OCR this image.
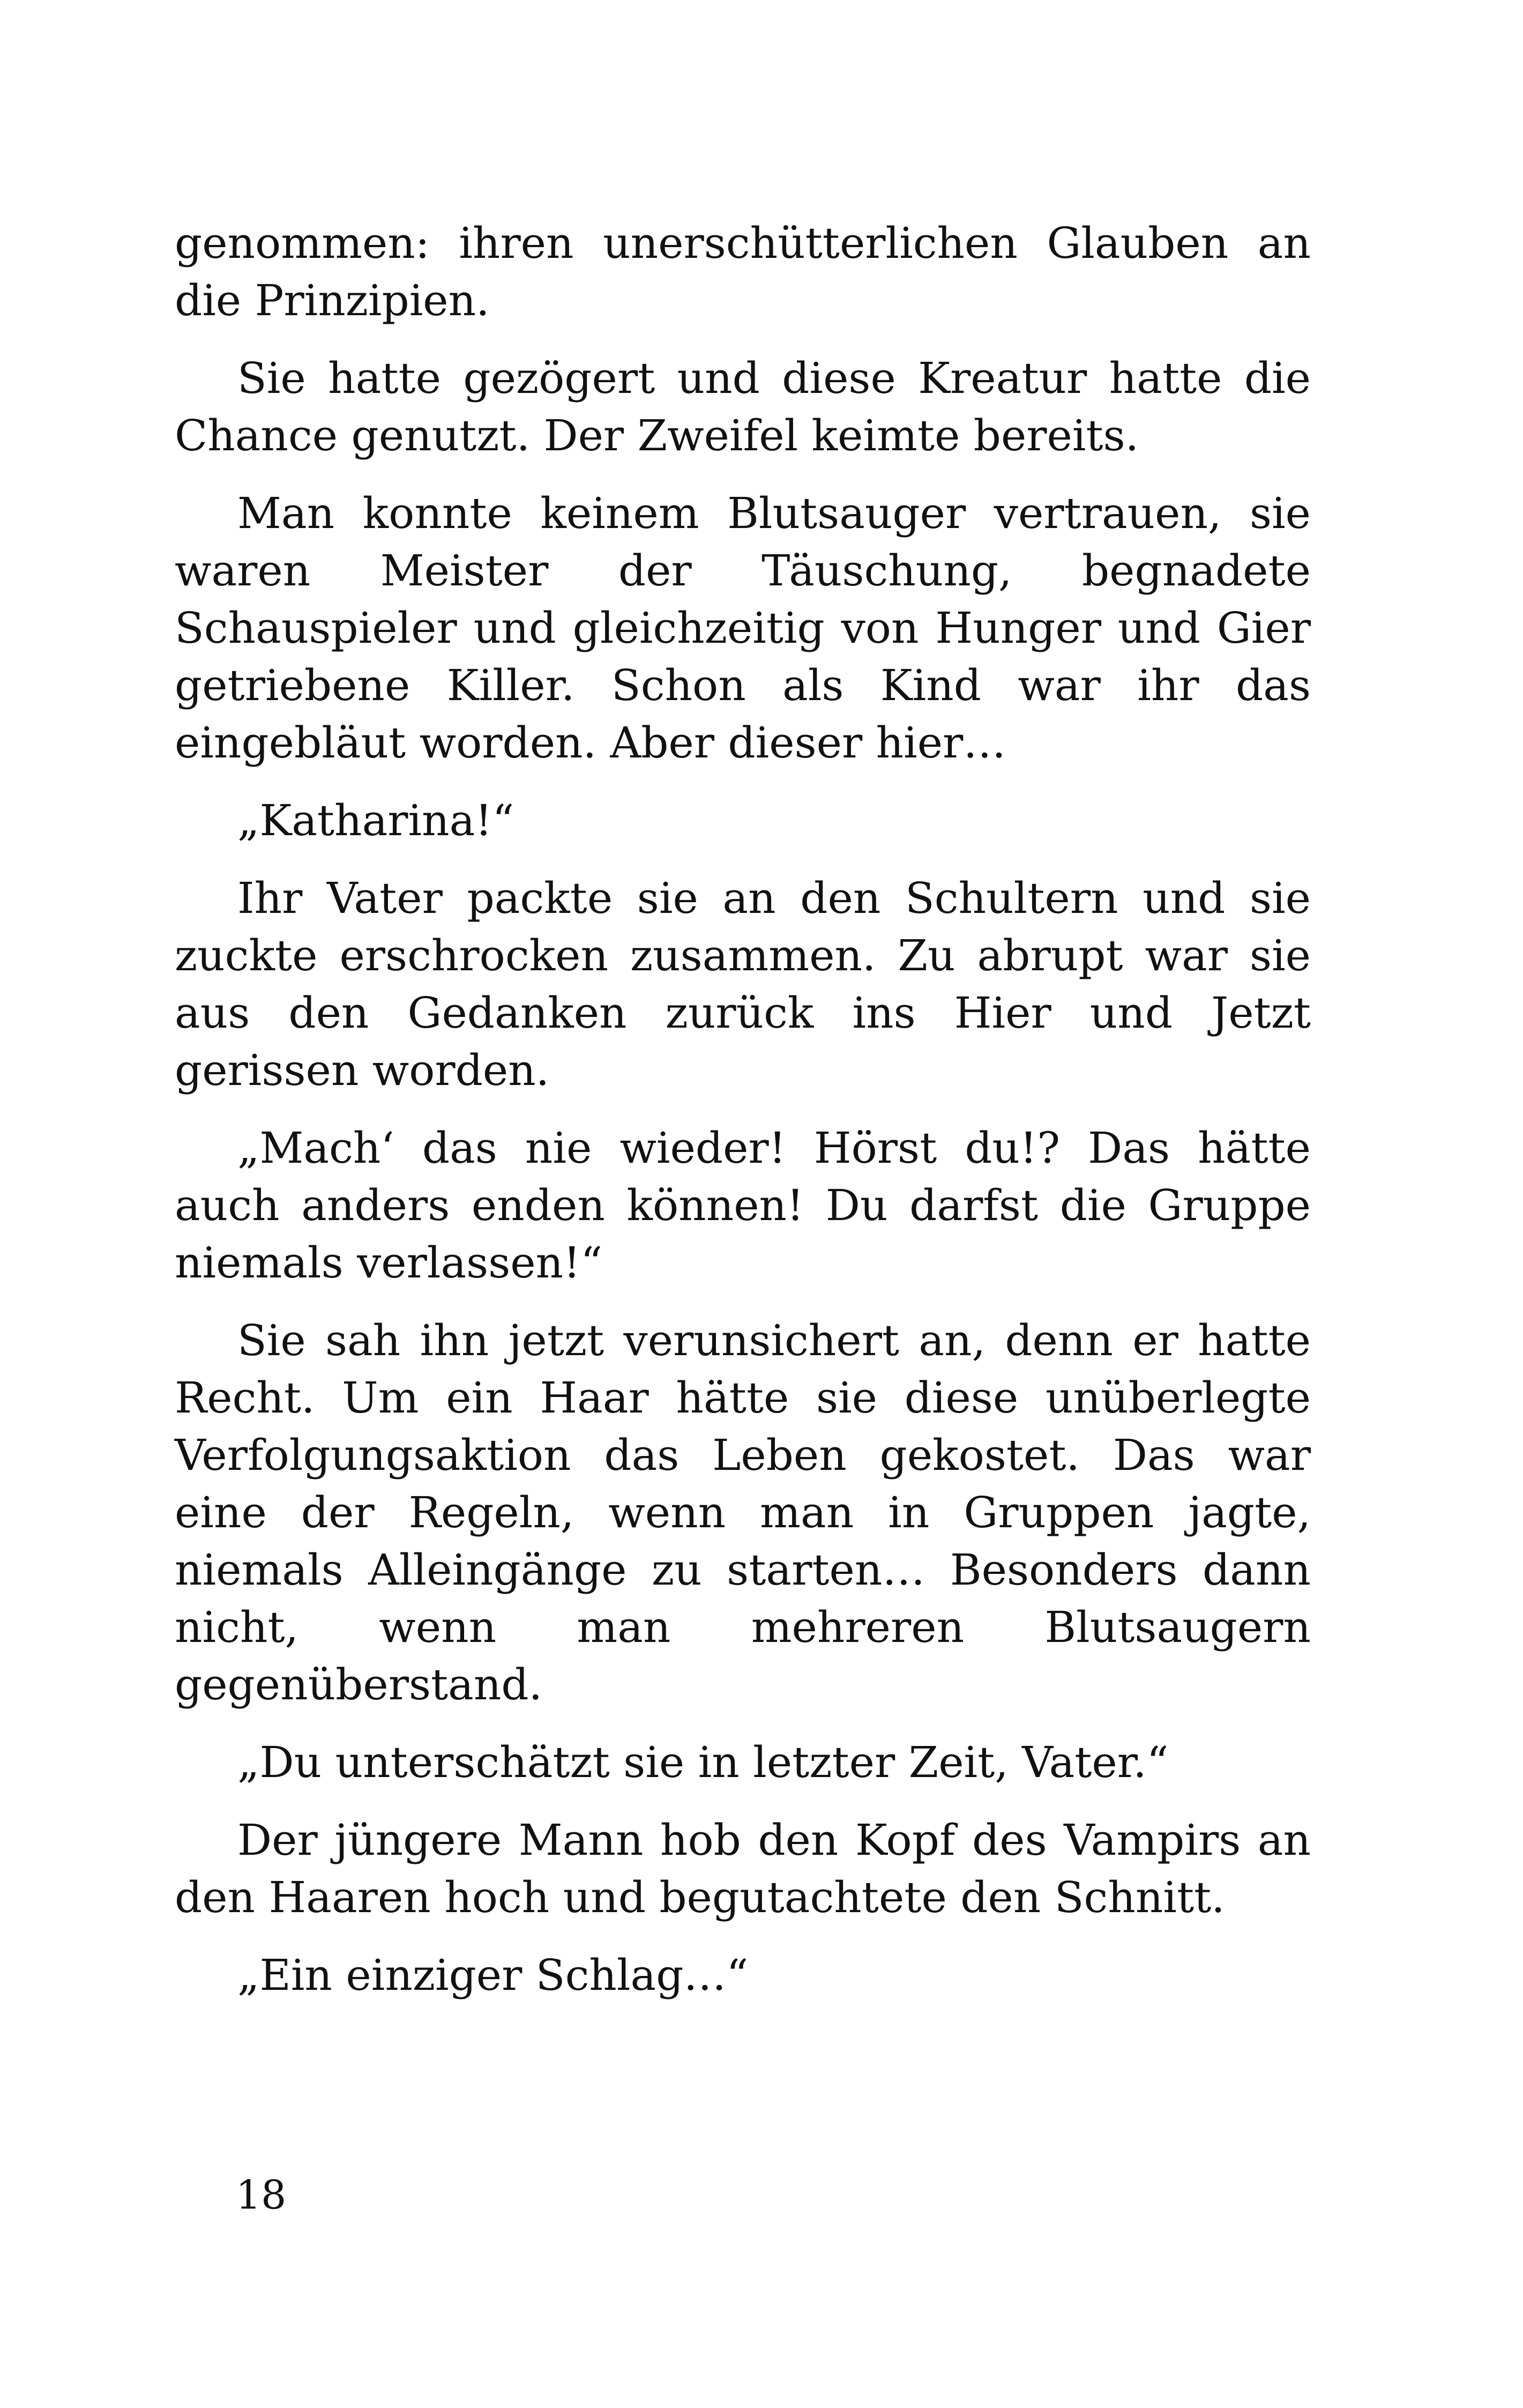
genommen: ihren unerschütterlichen Glauben an die Prinzipien.

Sie hatte gezögert und diese Kreatur hatte die Chance genutzt. Der Zweifel keimte bereits.

Man konnte keinem Blutsauger vertrauen, sie waren Meister der Täuschung, begnadete Schauspieler und gleichzeitig von Hunger und Gier getriebene Killer. Schon als Kind war ihr das eingebläut worden. Aber dieser hier…

„Katharina!“

Ihr Vater packte sie an den Schultern und sie zuckte erschrocken zusammen. Zu abrupt war sie aus den Gedanken zurück ins Hier und Jetzt gerissen worden.

„Mach‘ das nie wieder! Hörst du!? Das hätte auch anders enden können! Du darfst die Gruppe niemals verlassen!“

Sie sah ihn jetzt verunsichert an, denn er hatte Recht. Um ein Haar hätte sie diese unüberlegte Verfolgungsaktion das Leben gekostet. Das war eine der Regeln, wenn man in Gruppen jagte, niemals Alleingänge zu starten… Besonders dann nicht, wenn man mehreren Blutsaugern gegenüberstand.

„Du unterschätzt sie in letzter Zeit, Vater.“

Der jüngere Mann hob den Kopf des Vampirs an den Haaren hoch und begutachtete den Schnitt.

„Ein einziger Schlag…“

18
